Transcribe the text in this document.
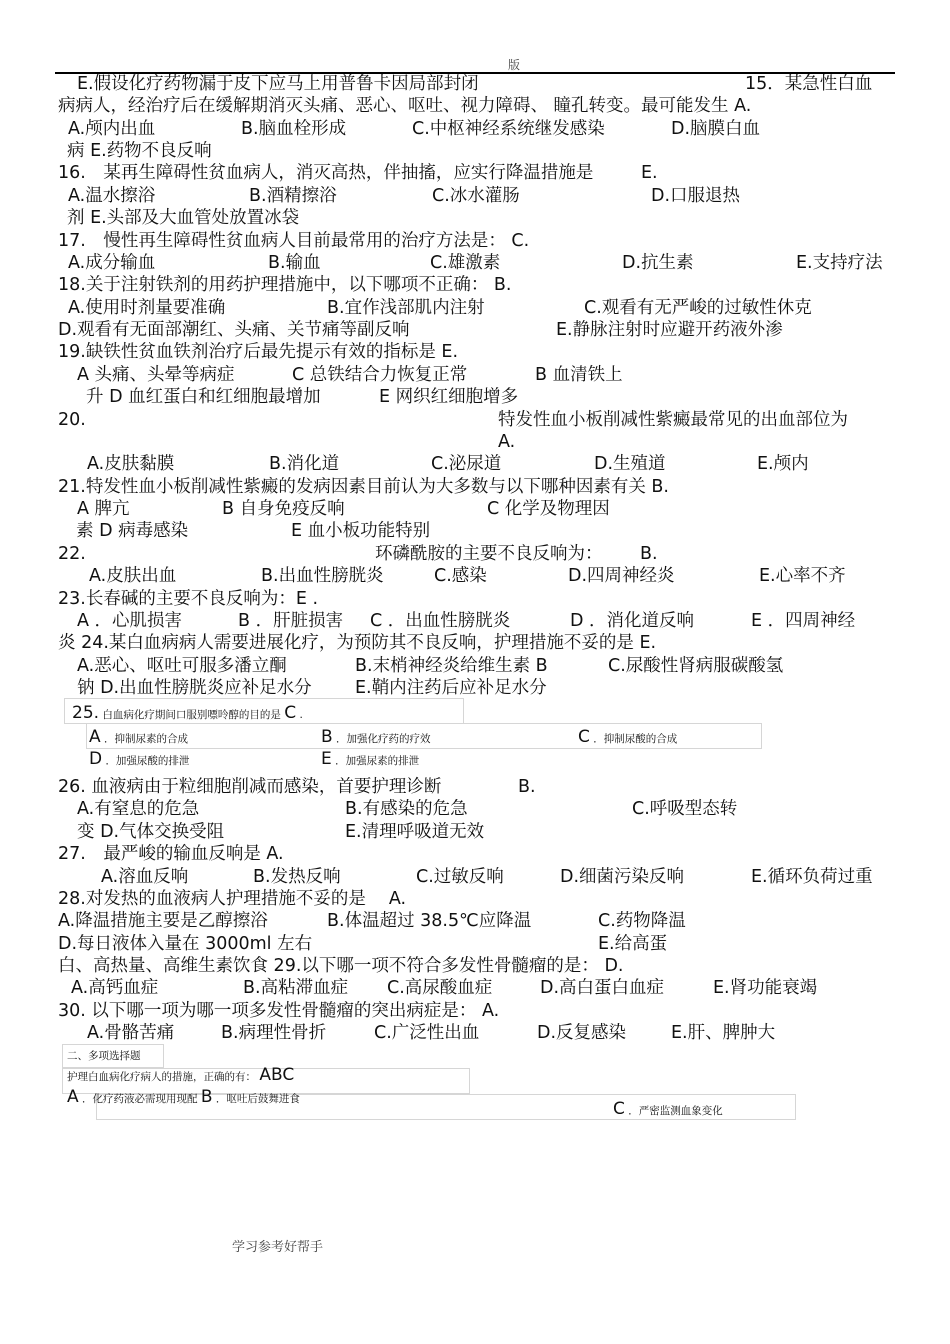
版
E.假设化疗药物漏于皮下应马上用普鲁卡因局部封闭	15．某急性白血
病病人，经治疗后在缓解期消灭头痛、恶心、呕吐、视力障碍、 瞳孔转变。最可能发生 A.
A.颅内出血	B.脑血栓形成	C.中枢神经系统继发感染	D.脑膜白血
病 E.药物不良反响
16.　某再生障碍性贫血病人，消灭高热，伴抽搐，应实行降温措施是	E.
A.温水擦浴	B.酒精擦浴	C.冰水灌肠	D.口服退热
剂 E.头部及大血管处放置冰袋
17.　慢性再生障碍性贫血病人目前最常用的治疗方法是： C.
A.成分输血	B.输血	C.雄激素	D.抗生素	E.支持疗法
18.关于注射铁剂的用药护理措施中，以下哪项不正确： B.
A.使用时剂量要准确	B.宜作浅部肌内注射	C.观看有无严峻的过敏性休克
D.观看有无面部潮红、头痛、关节痛等副反响	E.静脉注射时应避开药液外渗
19.缺铁性贫血铁剂治疗后最先提示有效的指标是 E.
A 头痛、头晕等病症	C 总铁结合力恢复正常	B 血清铁上
升 D 血红蛋白和红细胞最增加	E 网织红细胞增多
20.	特发性血小板削减性紫癜最常见的出血部位为
A.
A.皮肤黏膜	B.消化道	C.泌尿道	D.生殖道	E.颅内
21.特发性血小板削减性紫癜的发病因素目前认为大多数与以下哪种因素有关 B.
A 脾亢	B 自身免疫反响	C 化学及物理因
素 D 病毒感染	E 血小板功能特别
22.	环磷酰胺的主要不良反响为： B.
A.皮肤出血	B.出血性膀胱炎	C.感染	D.四周神经炎	E.心率不齐
23.长春碱的主要不良反响为：E .
A ．心肌损害	B ．肝脏损害 C ．出血性膀胱炎	D ．消化道反响	E ．四周神经
炎 24.某白血病病人需要进展化疗，为预防其不良反响，护理措施不妥的是 E.
A.恶心、呕吐可服多潘立酮	B.末梢神经炎给维生素 B	C.尿酸性肾病服碳酸氢
钠 D.出血性膀胱炎应补足水分 E.鞘内注药后应补足水分
25. 白血病化疗期间口服别嘌呤醇的目的是 C .
A ．抑制尿素的合成	B ．加强化疗药的疗效	C ．抑制尿酸的合成
D ．加强尿酸的排泄	E ．加强尿素的排泄
26. 血液病由于粒细胞削减而感染，首要护理诊断	B.
A.有窒息的危急	B.有感染的危急	C.呼吸型态转
变 D.气体交换受阻	E.清理呼吸道无效
27.　最严峻的输血反响是 A.
A.溶血反响	B.发热反响	C.过敏反响	D.细菌污染反响	E.循环负荷过重
28.对发热的血液病人护理措施不妥的是　 A.
A.降温措施主要是乙醇擦浴	B.体温超过 38.5℃应降温	C.药物降温
D.每日液体入量在 3000ml 左右	E.给高蛋
白、高热量、高维生素饮食 29.以下哪一项不符合多发性骨髓瘤的是： D.
A.高钙血症	B.高粘滞血症 C.高尿酸血症	D.高白蛋白血症	E.肾功能衰竭
30. 以下哪一项为哪一项多发性骨髓瘤的突出病症是： A.
A.骨骼苦痛	B.病理性骨折	C.广泛性出血	D.反复感染	E.肝、脾肿大
二、多项选择题
护理白血病化疗病人的措施，正确的有： ABC
A ．化疗药液必需现用现配 B ．呕吐后鼓舞进食	C ．严密监测血象变化
学习参考好帮手
